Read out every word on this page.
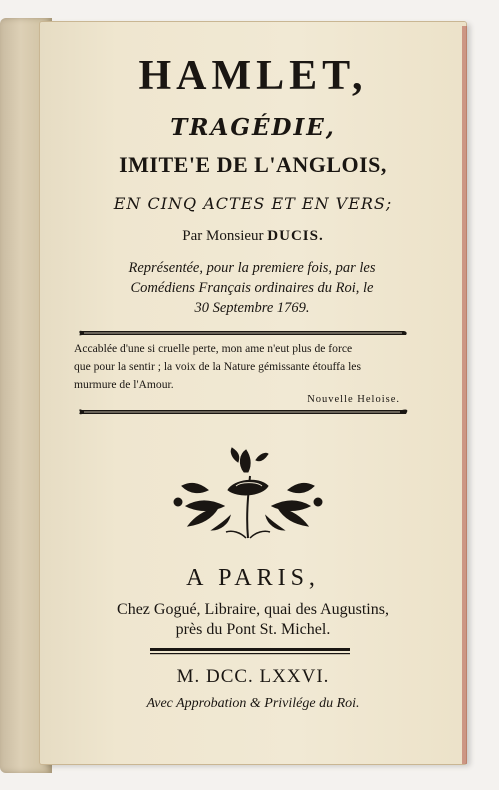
HAMLET,
TRAGÉDIE,
IMITE'E DE L'ANGLOIS,
EN CINQ ACTES ET EN VERS;
Par Monsieur DUCIS.
Représentée, pour la premiere fois, par les
Comédiens Français ordinaires du Roi, le
30 Septembre 1769.
Accablée d'une si cruelle perte, mon ame n'eut plus de force
que pour la sentir ; la voix de la Nature gémissante étouffa les
murmure de l'Amour.
Nouvelle Heloise.
A PARIS,
Chez Gogué, Libraire, quai des Augustins,
près du Pont St. Michel.
M. DCC. LXXVI.
Avec Approbation & Privilége du Roi.
